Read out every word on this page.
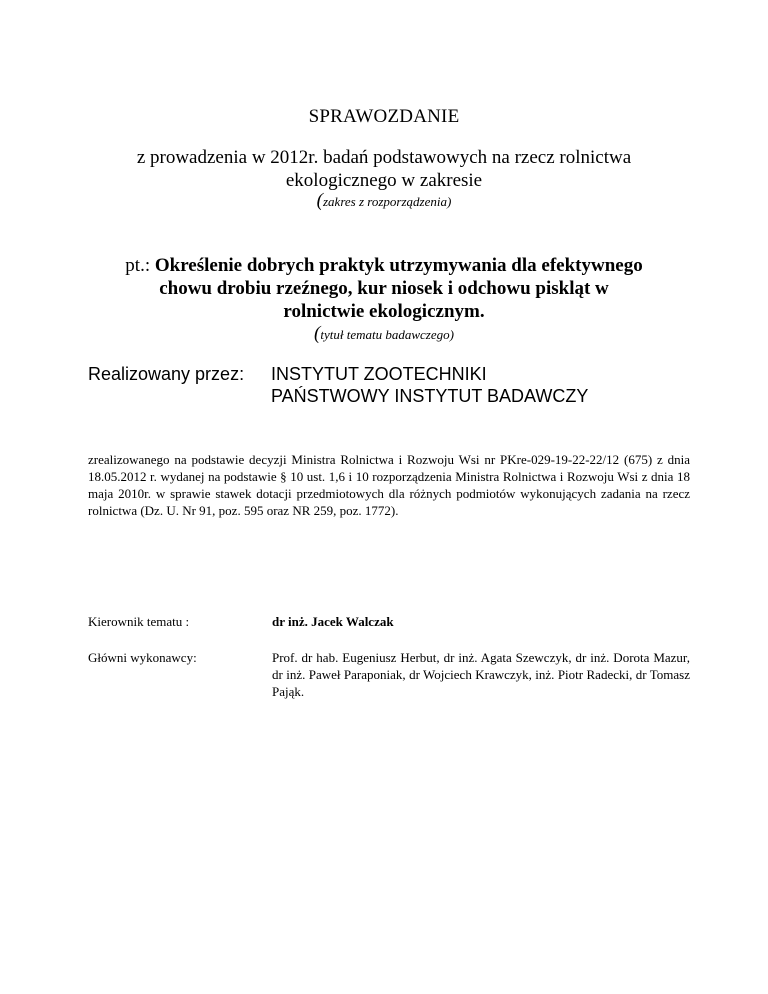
SPRAWOZDANIE
z prowadzenia w 2012r. badań podstawowych na rzecz rolnictwa ekologicznego w zakresie
(zakres z rozporządzenia)
pt.: Określenie dobrych praktyk utrzymywania dla efektywnego chowu drobiu rzeźnego, kur niosek i odchowu piskląt w rolnictwie ekologicznym.
(tytuł tematu badawczego)
Realizowany przez: INSTYTUT ZOOTECHNIKI
PAŃSTWOWY INSTYTUT BADAWCZY
zrealizowanego na podstawie decyzji Ministra Rolnictwa i Rozwoju Wsi nr PKre-029-19-22-22/12 (675) z dnia 18.05.2012 r. wydanej na podstawie § 10 ust. 1,6 i 10 rozporządzenia Ministra Rolnictwa i Rozwoju Wsi z dnia 18 maja 2010r. w sprawie stawek dotacji przedmiotowych dla różnych podmiotów wykonujących zadania na rzecz rolnictwa (Dz. U. Nr 91, poz. 595 oraz NR 259, poz. 1772).
Kierownik tematu :	dr inż. Jacek Walczak
Główni wykonawcy:	Prof. dr hab. Eugeniusz Herbut, dr inż. Agata Szewczyk, dr inż. Dorota Mazur, dr inż. Paweł Paraponiak, dr Wojciech Krawczyk, inż. Piotr Radecki, dr Tomasz Pająk.
